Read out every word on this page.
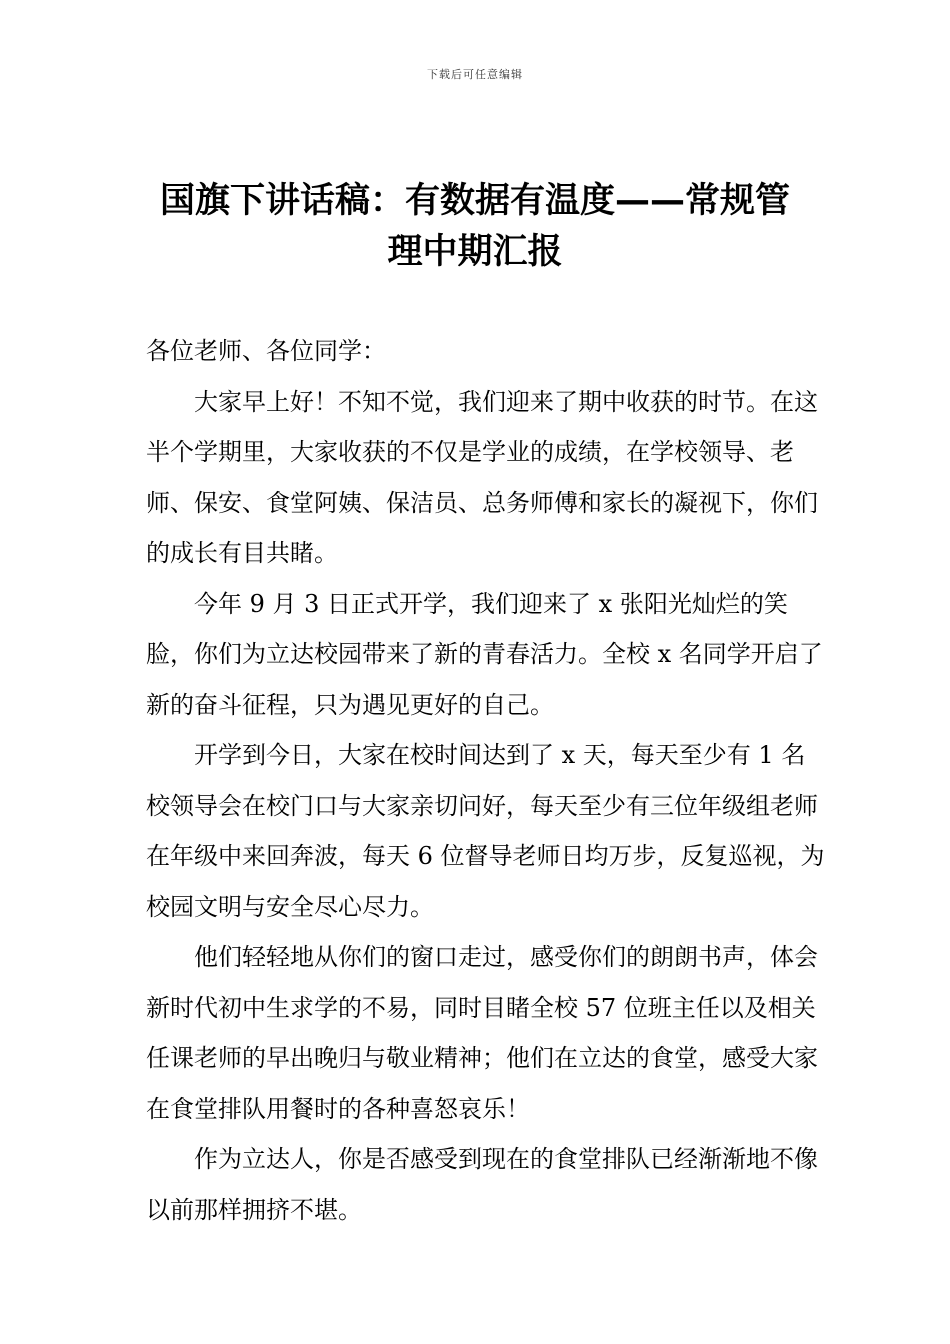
下载后可任意编辑
国旗下讲话稿：有数据有温度——常规管
理中期汇报

各位老师、各位同学：

大家早上好！不知不觉，我们迎来了期中收获的时节。在这半个学期里，大家收获的不仅是学业的成绩，在学校领导、老师、保安、食堂阿姨、保洁员、总务师傅和家长的凝视下，你们的成长有目共睹。

今年 9 月 3 日正式开学，我们迎来了 x 张阳光灿烂的笑脸，你们为立达校园带来了新的青春活力。全校 x 名同学开启了新的奋斗征程，只为遇见更好的自己。

开学到今日，大家在校时间达到了 x 天，每天至少有 1 名校领导会在校门口与大家亲切问好，每天至少有三位年级组老师在年级中来回奔波，每天 6 位督导老师日均万步，反复巡视，为校园文明与安全尽心尽力。

他们轻轻地从你们的窗口走过，感受你们的朗朗书声，体会新时代初中生求学的不易，同时目睹全校 57 位班主任以及相关任课老师的早出晚归与敬业精神；他们在立达的食堂，感受大家在食堂排队用餐时的各种喜怒哀乐！

作为立达人，你是否感受到现在的食堂排队已经渐渐地不像以前那样拥挤不堪。
